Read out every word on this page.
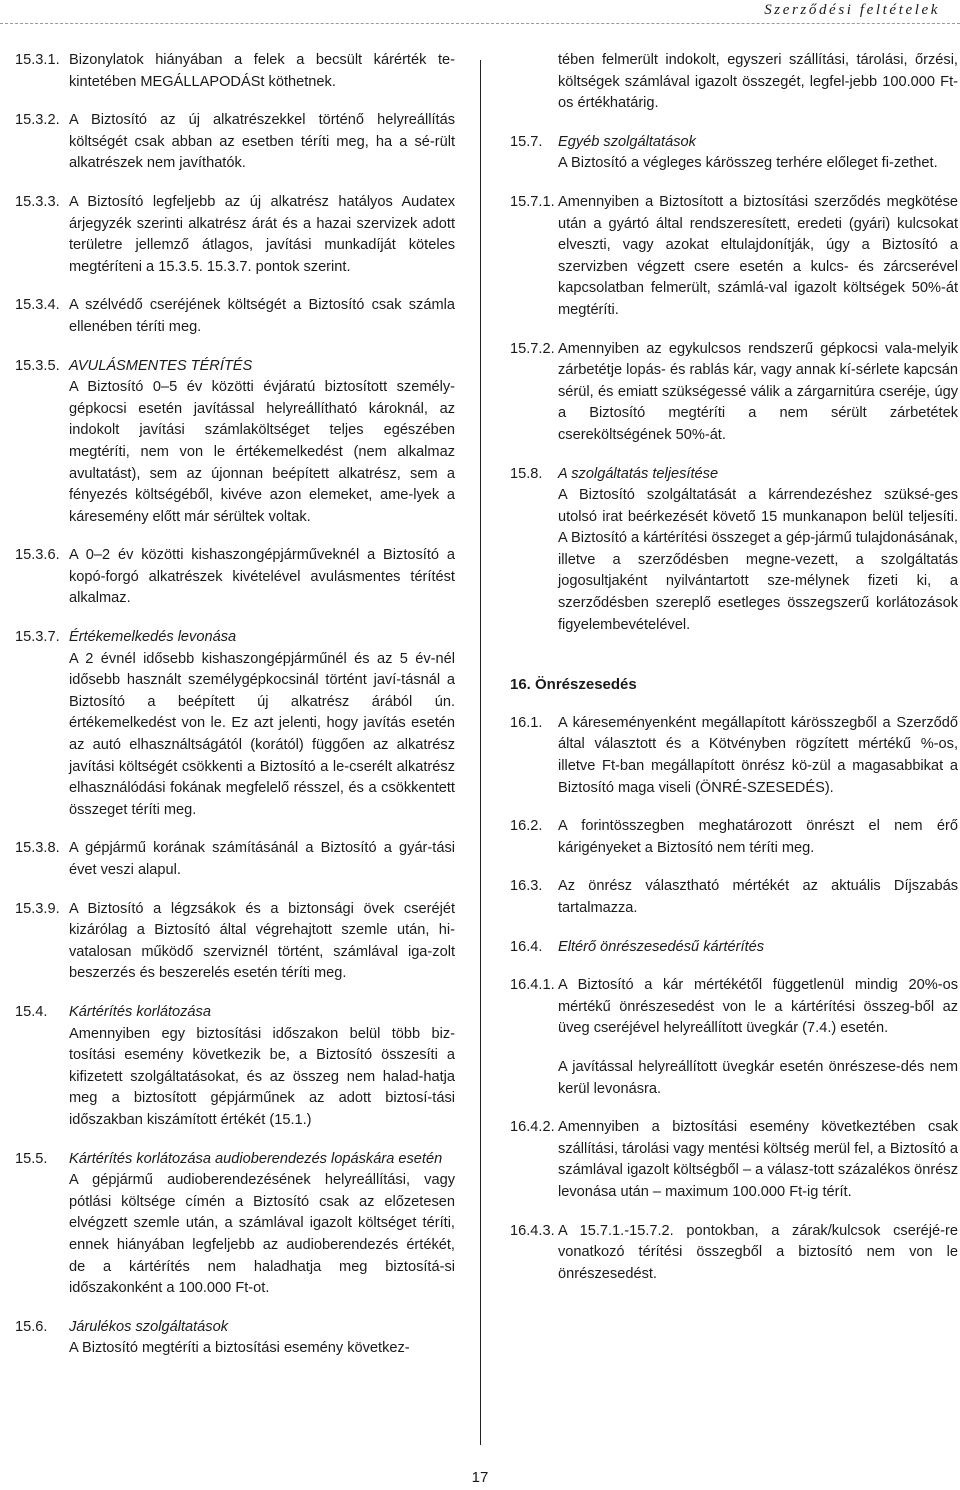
Szerződési feltételek
15.3.1. Bizonylatok hiányában a felek a becsült kárérték te-kintetében MEGÁLLAPODÁSt köthetnek.
15.3.2. A Biztosító az új alkatrészekkel történő helyreállítás költségét csak abban az esetben téríti meg, ha a sé-rült alkatrészek nem javíthatók.
15.3.3. A Biztosító legfeljebb az új alkatrész hatályos Audatex árjegyzék szerinti alkatrész árát és a hazai szervizek adott területre jellemző átlagos, javítási munkadíját köteles megtéríteni a 15.3.5. 15.3.7. pontok szerint.
15.3.4. A szélvédő cseréjének költségét a Biztosító csak számla ellenében téríti meg.
15.3.5. AVULÁSMENTES TÉRÍTÉS
A Biztosító 0–5 év közötti évjáratú biztosított személy-gépkocsi esetén javítással helyreállítható károknál, az indokolt javítási számlaköltséget teljes egészében megtéríti, nem von le értékemelkedést (nem alkalmaz avultatást), sem az újonnan beépített alkatrész, sem a fényezés költségéből, kivéve azon elemeket, ame-lyek a káresemény előtt már sérültek voltak.
15.3.6. A 0–2 év közötti kishaszongépjárműveknél a Biztosító a kopó-forgó alkatrészek kivételével avulásmentes térítést alkalmaz.
15.3.7. Értékemelkedés levonása
A 2 évnél idősebb kishaszongépjárműnél és az 5 év-nél idősebb használt személygépkocsinál történt javí-tásnál a Biztosító a beépített új alkatrész árából ún. értékemelkedést von le. Ez azt jelenti, hogy javítás esetén az autó elhasználtságától (korától) függően az alkatrész javítási költségét csökkenti a Biztosító a le-cserélt alkatrész elhasználódási fokának megfelelő résszel, és a csökkentett összeget téríti meg.
15.3.8. A gépjármű korának számításánál a Biztosító a gyár-tási évet veszi alapul.
15.3.9. A Biztosító a légzsákok és a biztonsági övek cseréjét kizárólag a Biztosító által végrehajtott szemle után, hi-vatalosan működő szerviznél történt, számlával iga-zolt beszerzés és beszerelés esetén téríti meg.
15.4. Kártérítés korlátozása
Amennyiben egy biztosítási időszakon belül több biz-tosítási esemény következik be, a Biztosító összesíti a kifizetett szolgáltatásokat, és az összeg nem halad-hatja meg a biztosított gépjárműnek az adott biztosí-tási időszakban kiszámított értékét (15.1.)
15.5. Kártérítés korlátozása audioberendezés lopáskára esetén
A gépjármű audioberendezésének helyreállítási, vagy pótlási költsége címén a Biztosító csak az előzetesen elvégzett szemle után, a számlával igazolt költséget téríti, ennek hiányában legfeljebb az audioberendezés értékét, de a kártérítés nem haladhatja meg biztosítá-si időszakonként a 100.000 Ft-ot.
15.6. Járulékos szolgáltatások
A Biztosító megtéríti a biztosítási esemény következ-
tében felmerült indokolt, egyszeri szállítási, tárolási, őrzési, költségek számlával igazolt összegét, legfel-jebb 100.000 Ft-os értékhatárig.
15.7. Egyéb szolgáltatások
A Biztosító a végleges kárösszeg terhére előleget fi-zethet.
15.7.1. Amennyiben a Biztosított a biztosítási szerződés megkötése után a gyártó által rendszeresített, eredeti (gyári) kulcsokat elveszti, vagy azokat eltulajdonítják, úgy a Biztosító a szervizben végzett csere esetén a kulcs- és zárcserével kapcsolatban felmerült, számlá-val igazolt költségek 50%-át megtéríti.
15.7.2. Amennyiben az egykulcsos rendszerű gépkocsi vala-melyik zárbetétje lopás- és rablás kár, vagy annak kí-sérlete kapcsán sérül, és emiatt szükségessé válik a zárgarnitúra cseréje, úgy a Biztosító megtéríti a nem sérült zárbetétek csereköltségének 50%-át.
15.8. A szolgáltatás teljesítése
A Biztosító szolgáltatását a kárrendezéshez szüksé-ges utolsó irat beérkezését követő 15 munkanapon belül teljesíti. A Biztosító a kártérítési összeget a gép-jármű tulajdonásának, illetve a szerződésben megne-vezett, a szolgáltatás jogosultjaként nyilvántartott sze-mélynek fizeti ki, a szerződésben szereplő esetleges összegszerű korlátozások figyelembevételével.
16. Önrészesedés
16.1. A káreseményenként megállapított kárösszegből a Szerződő által választott és a Kötvényben rögzített mértékű %-os, illetve Ft-ban megállapított önrész kö-zül a magasabbikat a Biztosító maga viseli (ÖNRÉ-SZESEDÉS).
16.2. A forintösszegben meghatározott önrészt el nem érő kárigényeket a Biztosító nem téríti meg.
16.3. Az önrész választható mértékét az aktuális Díjszabás tartalmazza.
16.4. Eltérő önrészesedésű kártérítés
16.4.1. A Biztosító a kár mértékétől függetlenül mindig 20%-os mértékű önrészesedést von le a kártérítési összeg-ből az üveg cseréjével helyreállított üvegkár (7.4.) esetén.
A javítással helyreállított üvegkár esetén önrészese-dés nem kerül levonásra.
16.4.2. Amennyiben a biztosítási esemény következtében csak szállítási, tárolási vagy mentési költség merül fel, a Biztosító a számlával igazolt költségből – a válasz-tott százalékos önrész levonása után – maximum 100.000 Ft-ig térít.
16.4.3. A 15.7.1.-15.7.2. pontokban, a zárak/kulcsok cseréjé-re vonatkozó térítési összegből a biztosító nem von le önrészesedést.
17
